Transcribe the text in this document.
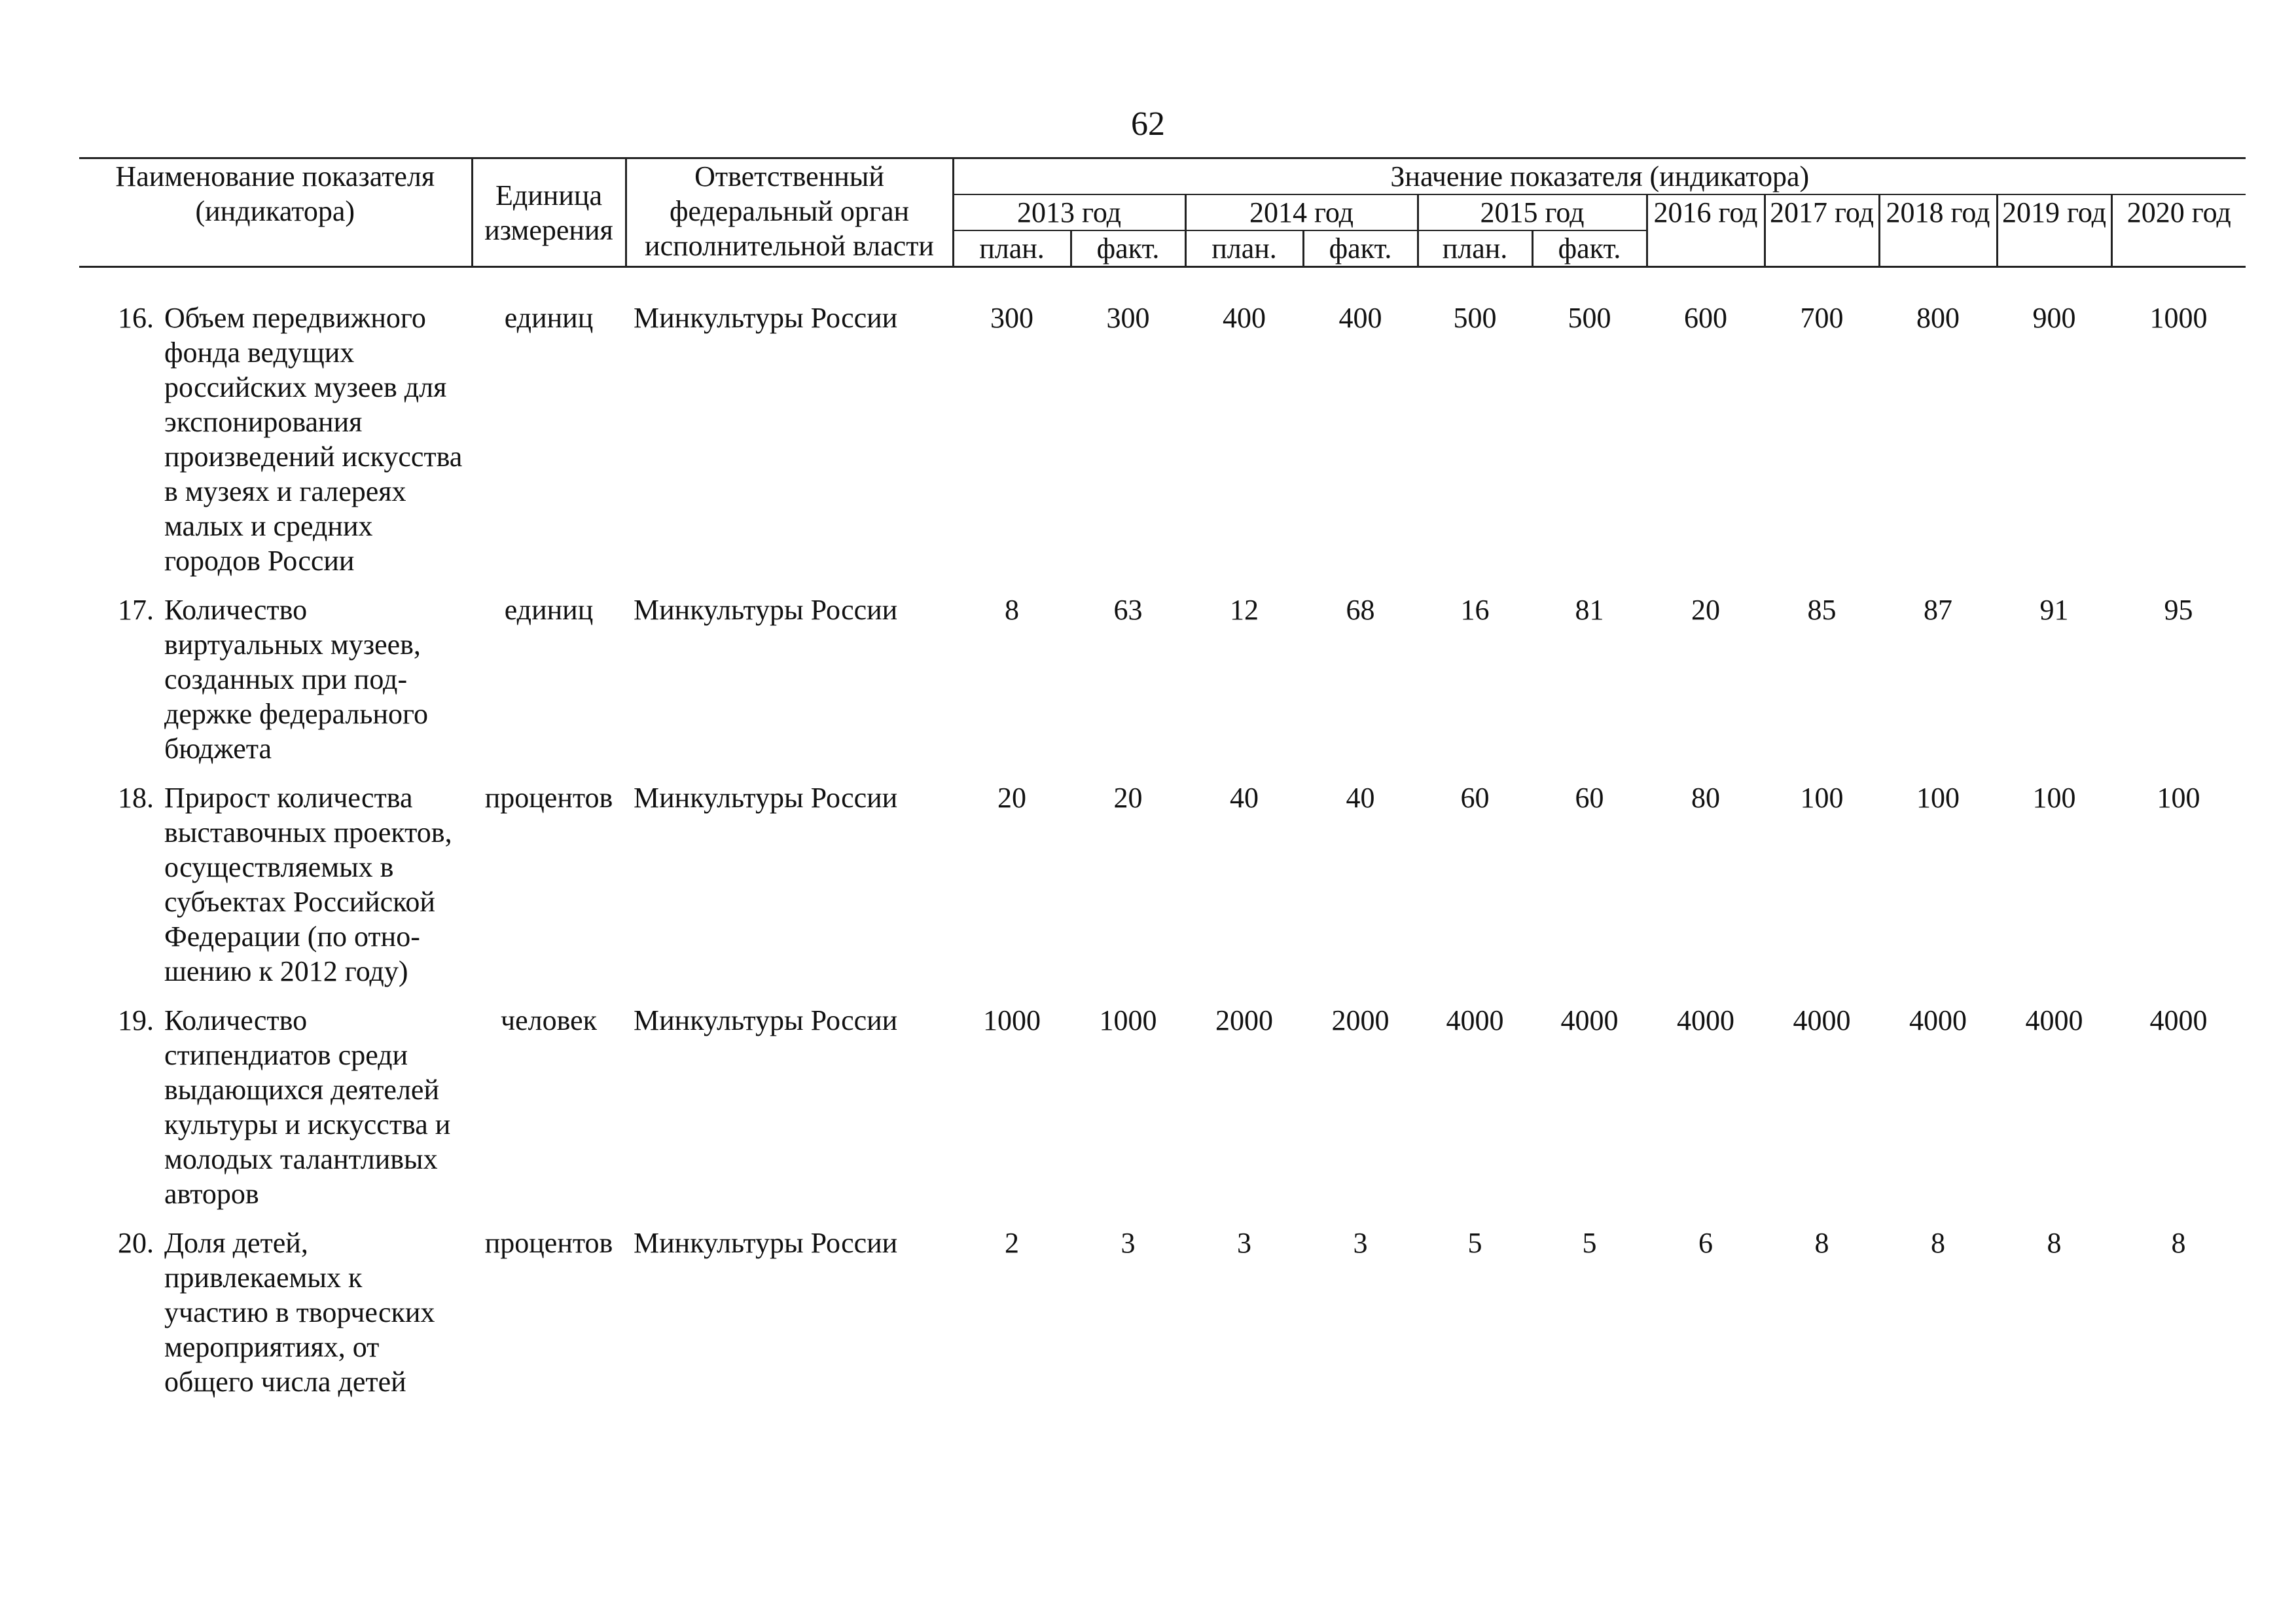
62
Наименование показателя (индикатора)		Единица измерения	Ответственный федеральный орган исполнительной власти	Значение показателя (индикатора)										
				2013 год		2014 год		2015 год		2016 год	2017 год	2018 год	2019 год	2020 год
				план.	факт.	план.	факт.	план.	факт.					

16.	Объем передвижного фонда ведущих российских музеев для экспонирования произведений искусства в музеях и галереях малых и средних городов России	единиц	Минкультуры России	300	300	400	400	500	500	600	700	800	900	1000
17.	Количество виртуальных музеев, созданных при под- держке федерального бюджета	единиц	Минкультуры России	8	63	12	68	16	81	20	85	87	91	95
18.	Прирост количества выставочных проектов, осуществляемых в субъектах Российской Федерации (по отно- шению к 2012 году)	процентов	Минкультуры России	20	20	40	40	60	60	80	100	100	100	100
19.	Количество стипендиатов среди выдающихся деятелей культуры и искусства и молодых талантливых авторов	человек	Минкультуры России	1000	1000	2000	2000	4000	4000	4000	4000	4000	4000	4000
20.	Доля детей, привлекаемых к участию в творческих мероприятиях, от общего числа детей	процентов	Минкультуры России	2	3	3	3	5	5	6	8	8	8	8
